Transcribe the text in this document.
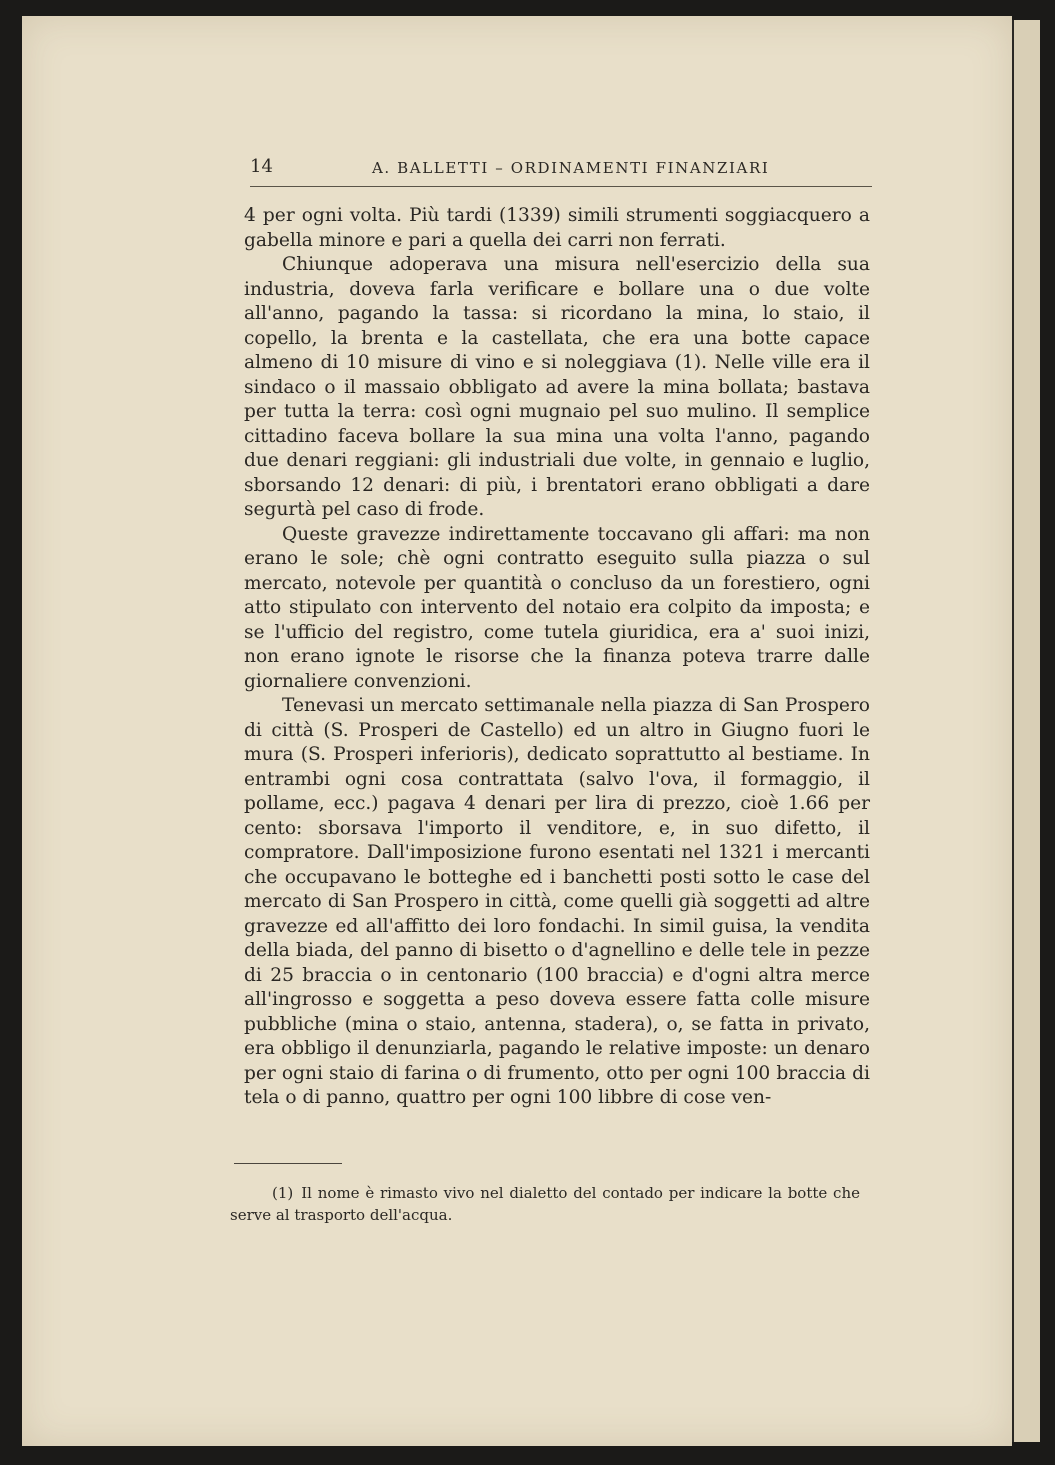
14	A. BALLETTI – ORDINAMENTI FINANZIARI

4 per ogni volta. Più tardi (1339) simili strumenti soggiacquero a gabella minore e pari a quella dei carri non ferrati.

Chiunque adoperava una misura nell'esercizio della sua industria, doveva farla verificare e bollare una o due volte all'anno, pagando la tassa: si ricordano la mina, lo staio, il copello, la brenta e la castellata, che era una botte capace almeno di 10 misure di vino e si noleggiava (1). Nelle ville era il sindaco o il massaio obbligato ad avere la mina bollata; bastava per tutta la terra: così ogni mugnaio pel suo mulino. Il semplice cittadino faceva bollare la sua mina una volta l'anno, pagando due denari reggiani: gli industriali due volte, in gennaio e luglio, sborsando 12 denari: di più, i brentatori erano obbligati a dare segurtà pel caso di frode.

Queste gravezze indirettamente toccavano gli affari: ma non erano le sole; chè ogni contratto eseguito sulla piazza o sul mercato, notevole per quantità o concluso da un forestiero, ogni atto stipulato con intervento del notaio era colpito da imposta; e se l'ufficio del registro, come tutela giuridica, era a' suoi inizi, non erano ignote le risorse che la finanza poteva trarre dalle giornaliere convenzioni.

Tenevasi un mercato settimanale nella piazza di San Prospero di città (S. Prosperi de Castello) ed un altro in Giugno fuori le mura (S. Prosperi inferioris), dedicato soprattutto al bestiame. In entrambi ogni cosa contrattata (salvo l'ova, il formaggio, il pollame, ecc.) pagava 4 denari per lira di prezzo, cioè 1.66 per cento: sborsava l'importo il venditore, e, in suo difetto, il compratore. Dall'imposizione furono esentati nel 1321 i mercanti che occupavano le botteghe ed i banchetti posti sotto le case del mercato di San Prospero in città, come quelli già soggetti ad altre gravezze ed all'affitto dei loro fondachi. In simil guisa, la vendita della biada, del panno di bisetto o d'agnellino e delle tele in pezze di 25 braccia o in centonario (100 braccia) e d'ogni altra merce all'ingrosso e soggetta a peso doveva essere fatta colle misure pubbliche (mina o staio, antenna, stadera), o, se fatta in privato, era obbligo il denunziarla, pagando le relative imposte: un denaro per ogni staio di farina o di frumento, otto per ogni 100 braccia di tela o di panno, quattro per ogni 100 libbre di cose ven-

(1) Il nome è rimasto vivo nel dialetto del contado per indicare la botte che serve al trasporto dell'acqua.
